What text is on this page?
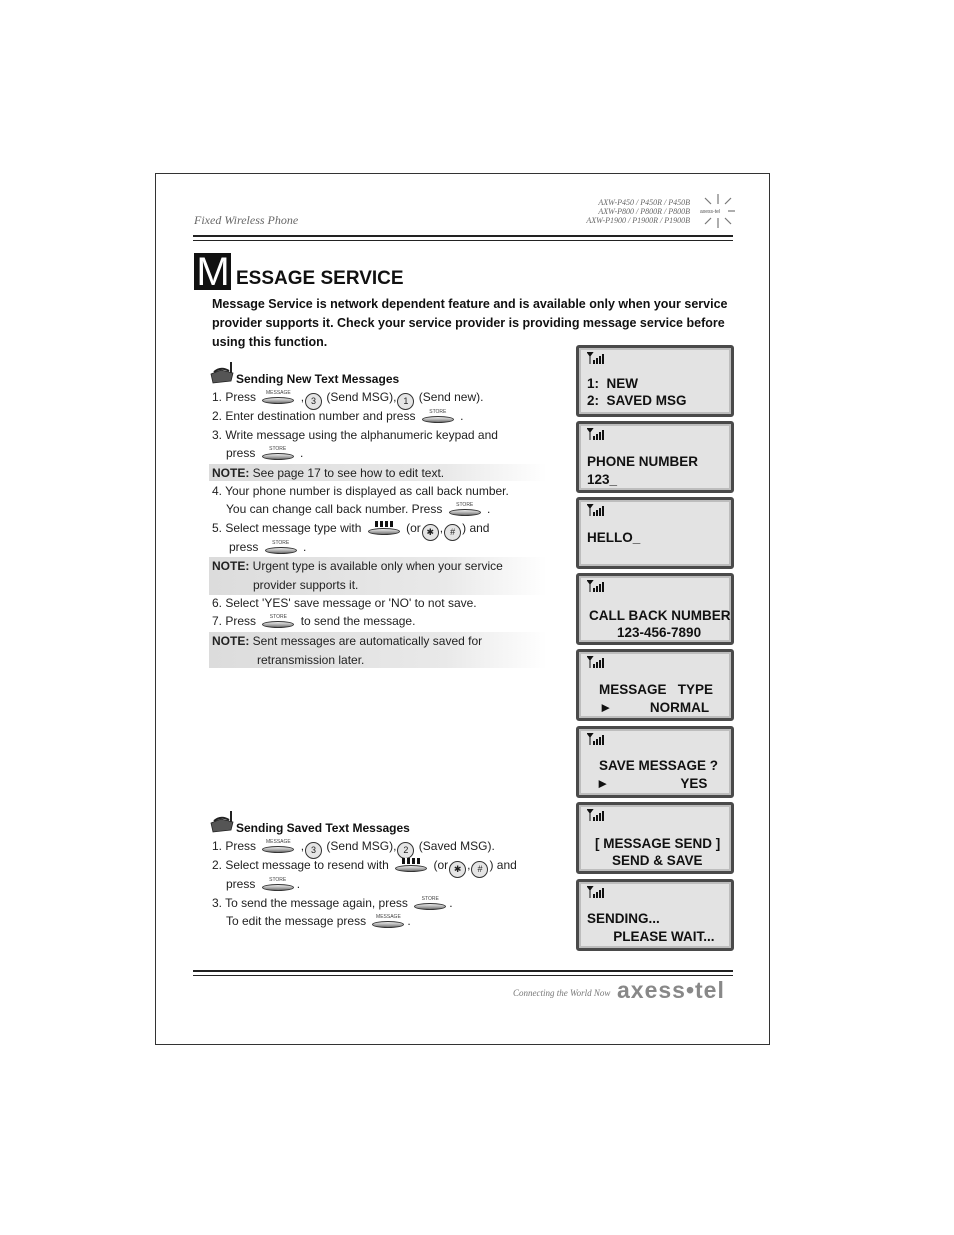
Fixed Wireless Phone
AXW-P450 / P450R / P450B
AXW-P800 / P800R / P800B
AXW-P1900 / P1900R / P1900B
axess-tel
M ESSAGE SERVICE
Message Service is network dependent feature and is available only when your service provider supports it. Check your service provider is providing message service before using this function.
Sending New Text Messages
1. Press	MESSAGE , 3 (Send MSG), 1 (Send new).
2. Enter destination number and press	STORE	.
3. Write message using the alphanumeric keypad and
press	STORE	.
NOTE: See page 17 to see how to edit text.
4. Your phone number is displayed as call back number.
You can change call back number. Press	STORE	.
5. Select message type with	(or ✱ , # ) and
press	STORE	.
NOTE: Urgent type is available only when your service
provider supports it.
6. Select 'YES' save message or 'NO' to not save.
7. Press	STORE	to send the message.
NOTE: Sent messages are automatically saved for
retransmission later.
Sending Saved Text Messages
1. Press	MESSAGE , 3 (Send MSG), 2 (Saved MSG).
2. Select message to resend with	(or ✱ , # ) and
press	STORE .
3. To send the message again, press	STORE .
To edit the message press	MESSAGE .
1:  NEW
2:  SAVED MSG
PHONE NUMBER
123_
HELLO_
CALL BACK NUMBER
123-456-7890
MESSAGE   TYPE
►          NORMAL
SAVE MESSAGE ?
►                   YES
[ MESSAGE SEND ]
SEND & SAVE
SENDING...
PLEASE WAIT...
Connecting the World Now axess•tel
